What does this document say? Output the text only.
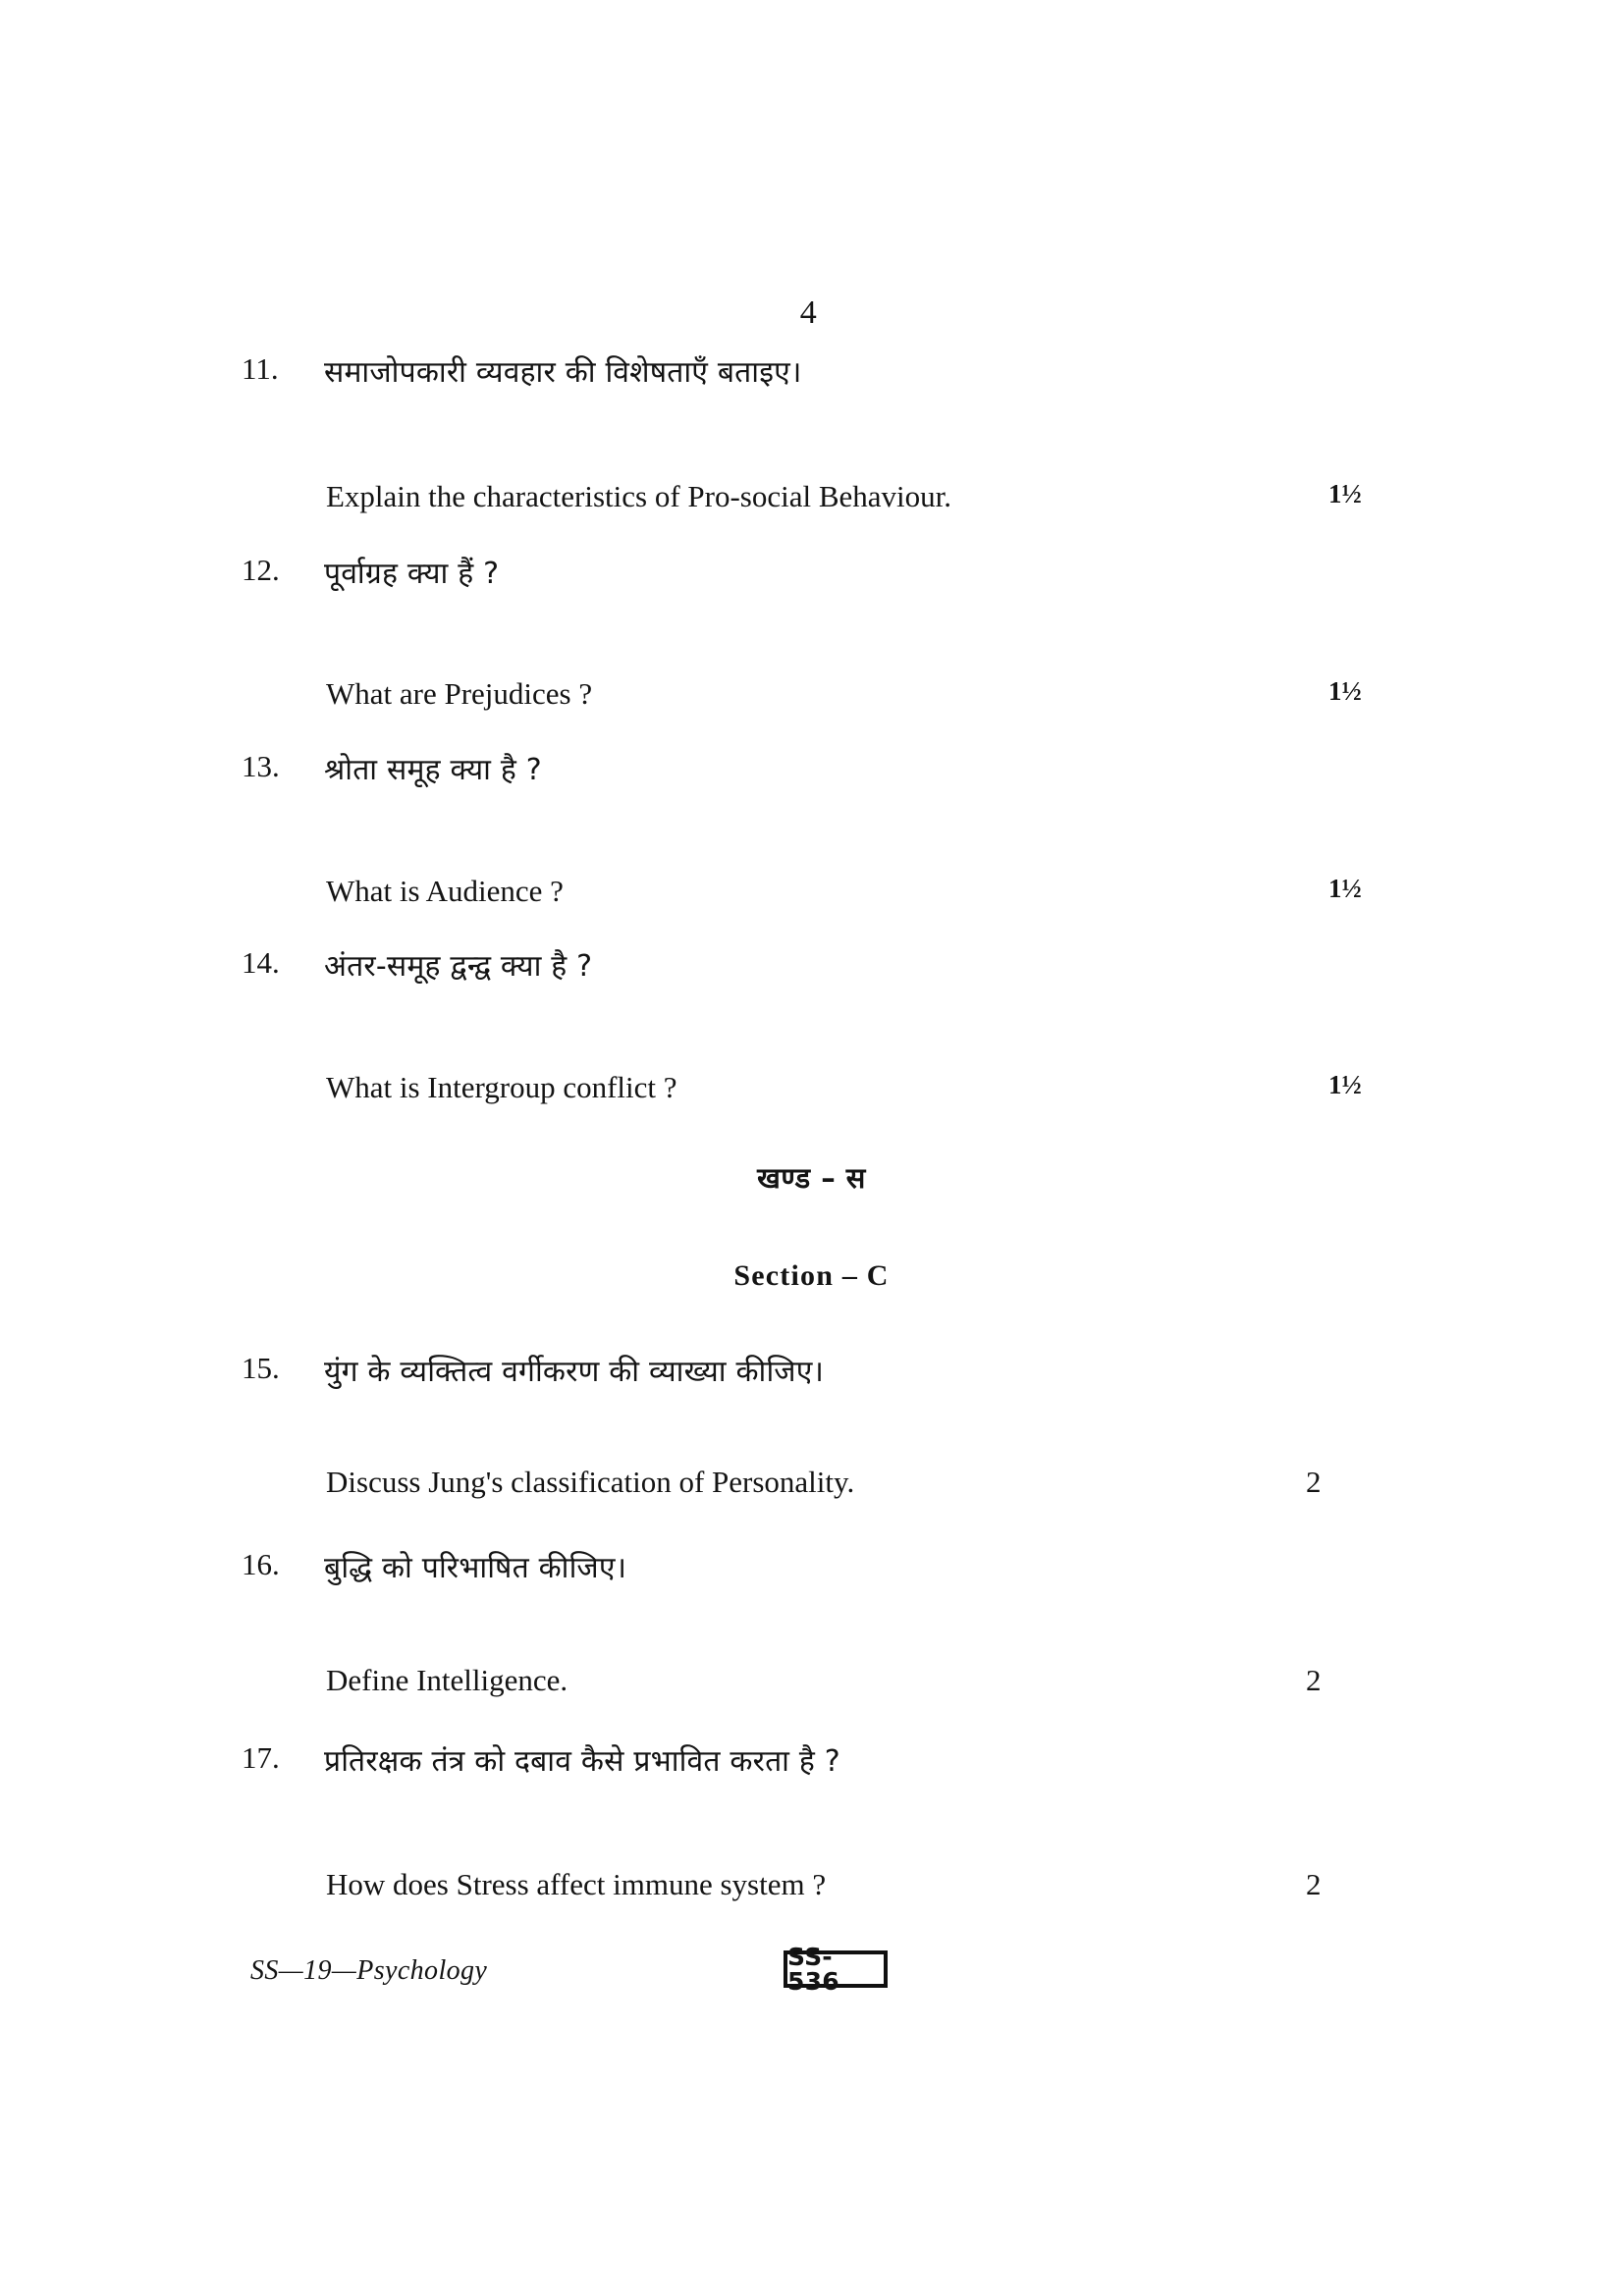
4
11.	समाजोपकारी व्यवहार की विशेषताएँ बताइए।
Explain the characteristics of Pro-social Behaviour.	1½
12.	पूर्वाग्रह क्या हैं ?
What are Prejudices ?	1½
13.	श्रोता समूह क्या है ?
What is Audience ?	1½
14.	अंतर-समूह द्वन्द्व क्या है ?
What is Intergroup conflict ?	1½
खण्ड – स
Section – C
15.	युंग के व्यक्तित्व वर्गीकरण की व्याख्या कीजिए।
Discuss Jung's classification of Personality.	2
16.	बुद्धि को परिभाषित कीजिए।
Define Intelligence.	2
17.	प्रतिरक्षक तंत्र को दबाव कैसे प्रभावित करता है ?
How does Stress affect immune system ?	2
SS—19—Psychology	SS-536
